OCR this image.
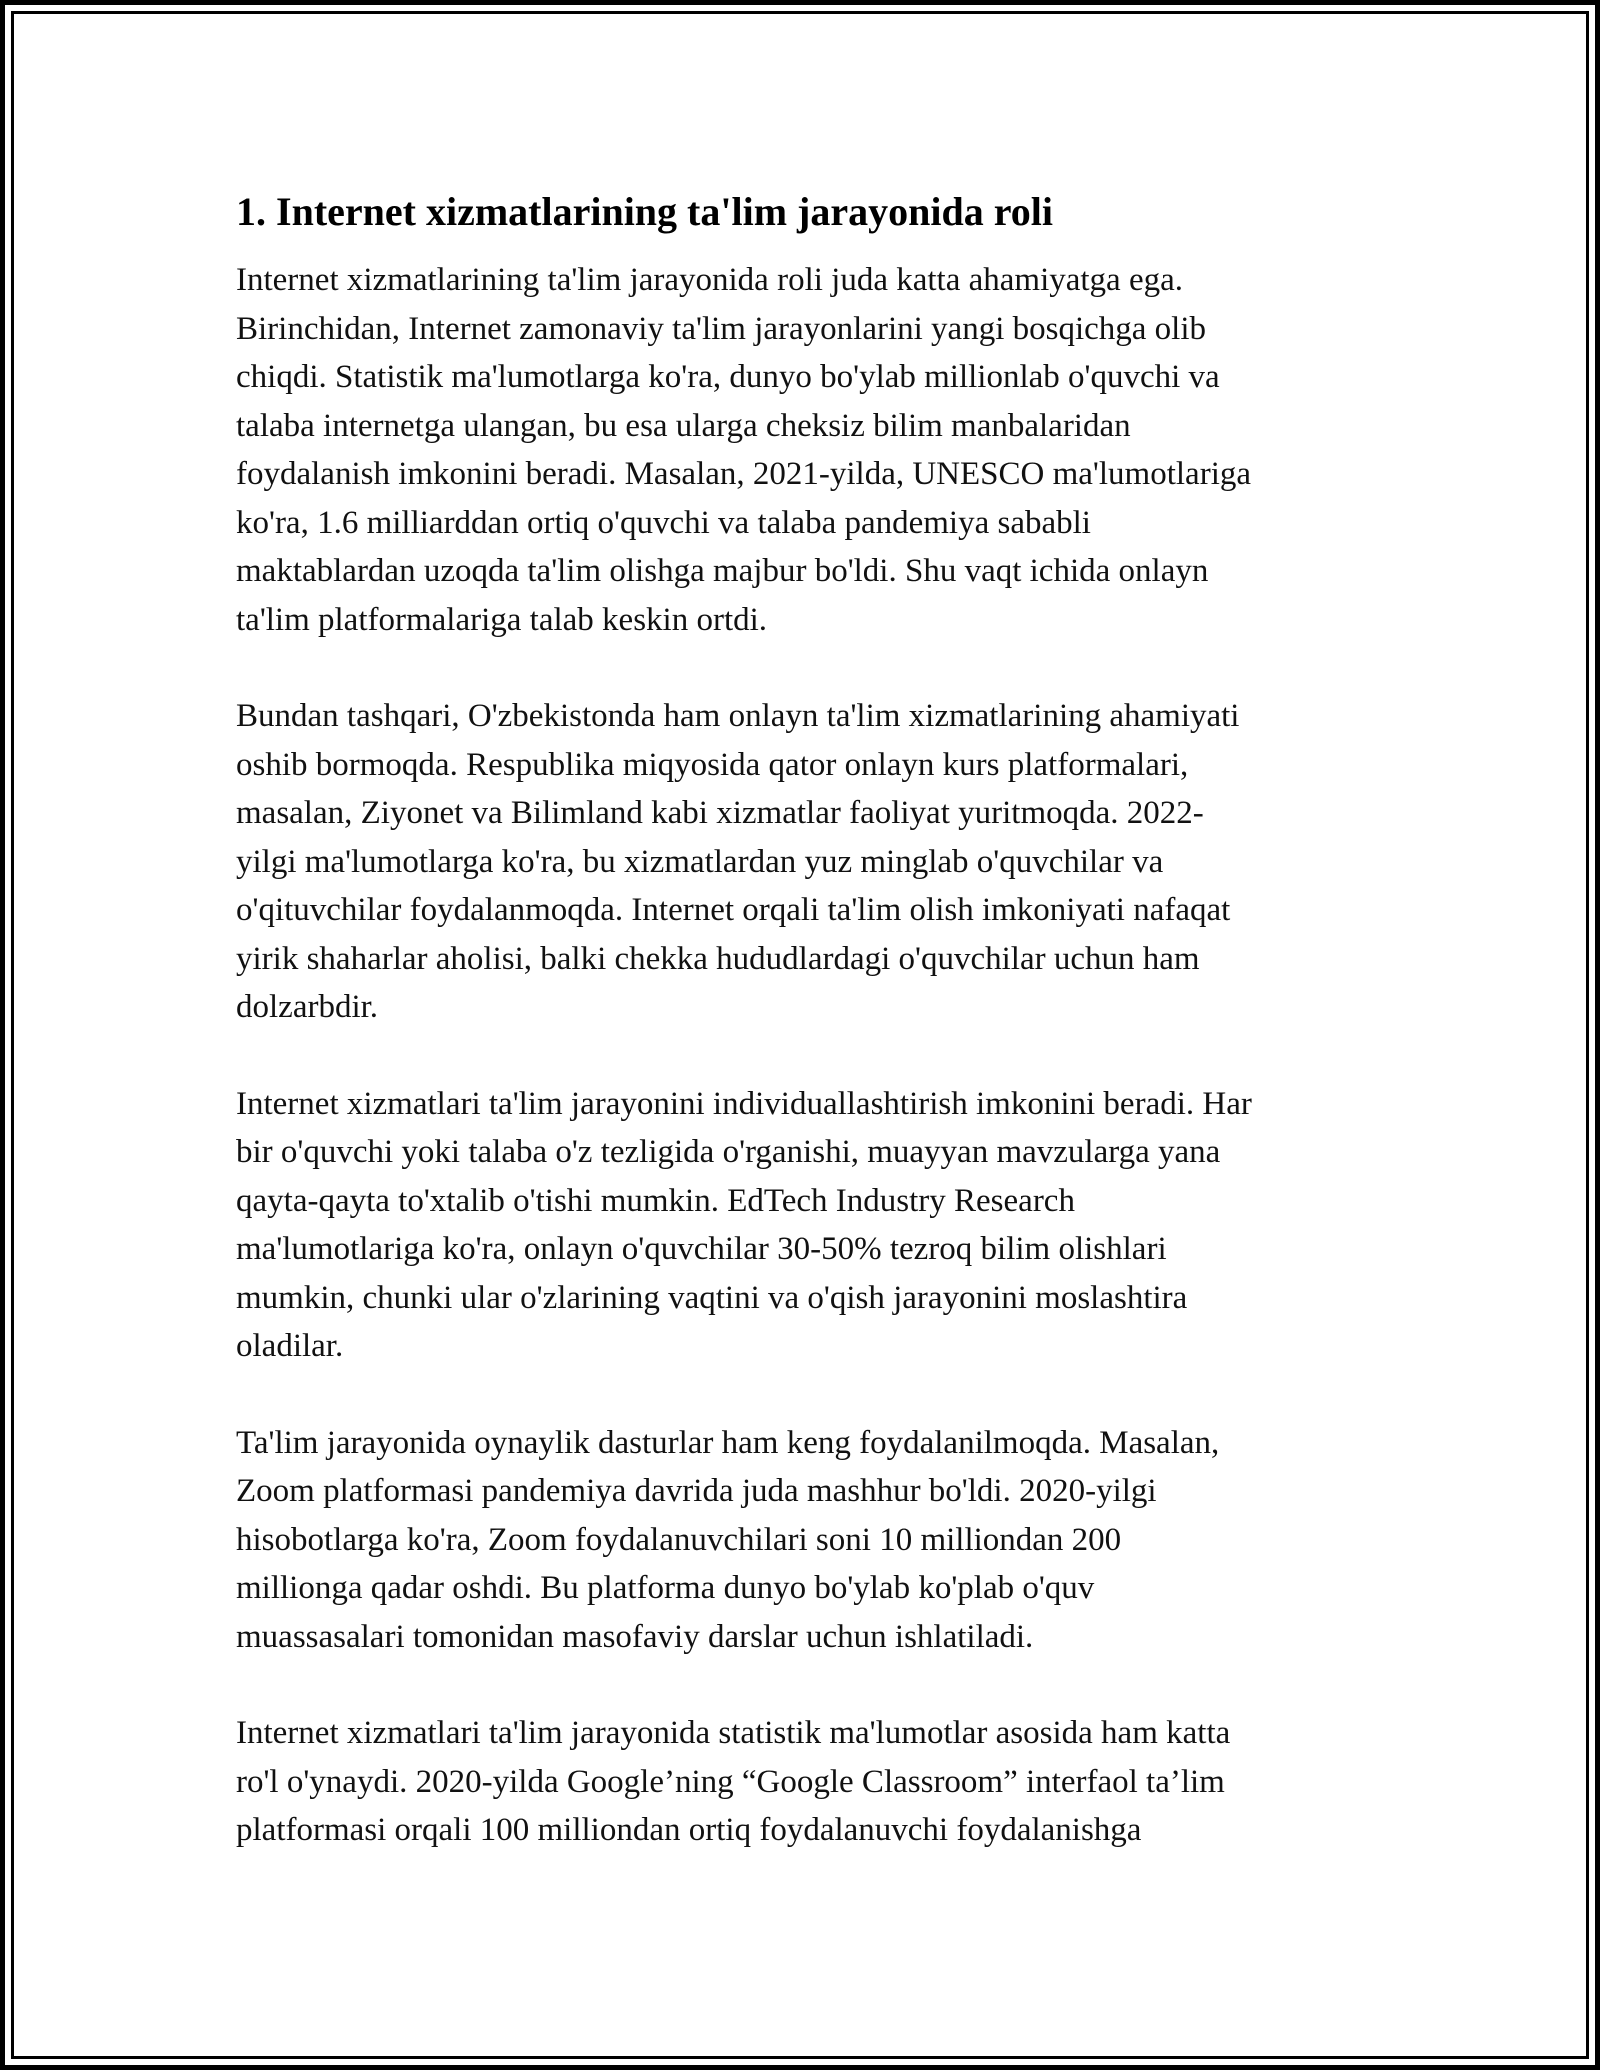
1. Internet xizmatlarining ta'lim jarayonida roli
Internet xizmatlarining ta'lim jarayonida roli juda katta ahamiyatga ega.
Birinchidan, Internet zamonaviy ta'lim jarayonlarini yangi bosqichga olib
chiqdi. Statistik ma'lumotlarga ko'ra, dunyo bo'ylab millionlab o'quvchi va
talaba internetga ulangan, bu esa ularga cheksiz bilim manbalaridan
foydalanish imkonini beradi. Masalan, 2021-yilda, UNESCO ma'lumotlariga
ko'ra, 1.6 milliarddan ortiq o'quvchi va talaba pandemiya sababli
maktablardan uzoqda ta'lim olishga majbur bo'ldi. Shu vaqt ichida onlayn
ta'lim platformalariga talab keskin ortdi.
Bundan tashqari, O'zbekistonda ham onlayn ta'lim xizmatlarining ahamiyati
oshib bormoqda. Respublika miqyosida qator onlayn kurs platformalari,
masalan, Ziyonet va Bilimland kabi xizmatlar faoliyat yuritmoqda. 2022-
yilgi ma'lumotlarga ko'ra, bu xizmatlardan yuz minglab o'quvchilar va
o'qituvchilar foydalanmoqda. Internet orqali ta'lim olish imkoniyati nafaqat
yirik shaharlar aholisi, balki chekka hududlardagi o'quvchilar uchun ham
dolzarbdir.
Internet xizmatlari ta'lim jarayonini individuallashtirish imkonini beradi. Har
bir o'quvchi yoki talaba o'z tezligida o'rganishi, muayyan mavzularga yana
qayta-qayta to'xtalib o'tishi mumkin. EdTech Industry Research
ma'lumotlariga ko'ra, onlayn o'quvchilar 30-50% tezroq bilim olishlari
mumkin, chunki ular o'zlarining vaqtini va o'qish jarayonini moslashtira
oladilar.
Ta'lim jarayonida oynaylik dasturlar ham keng foydalanilmoqda. Masalan,
Zoom platformasi pandemiya davrida juda mashhur bo'ldi. 2020-yilgi
hisobotlarga ko'ra, Zoom foydalanuvchilari soni 10 milliondan 200
millionga qadar oshdi. Bu platforma dunyo bo'ylab ko'plab o'quv
muassasalari tomonidan masofaviy darslar uchun ishlatiladi.
Internet xizmatlari ta'lim jarayonida statistik ma'lumotlar asosida ham katta
ro'l o'ynaydi. 2020-yilda Google’ning “Google Classroom” interfaol ta’lim
platformasi orqali 100 milliondan ortiq foydalanuvchi foydalanishga
